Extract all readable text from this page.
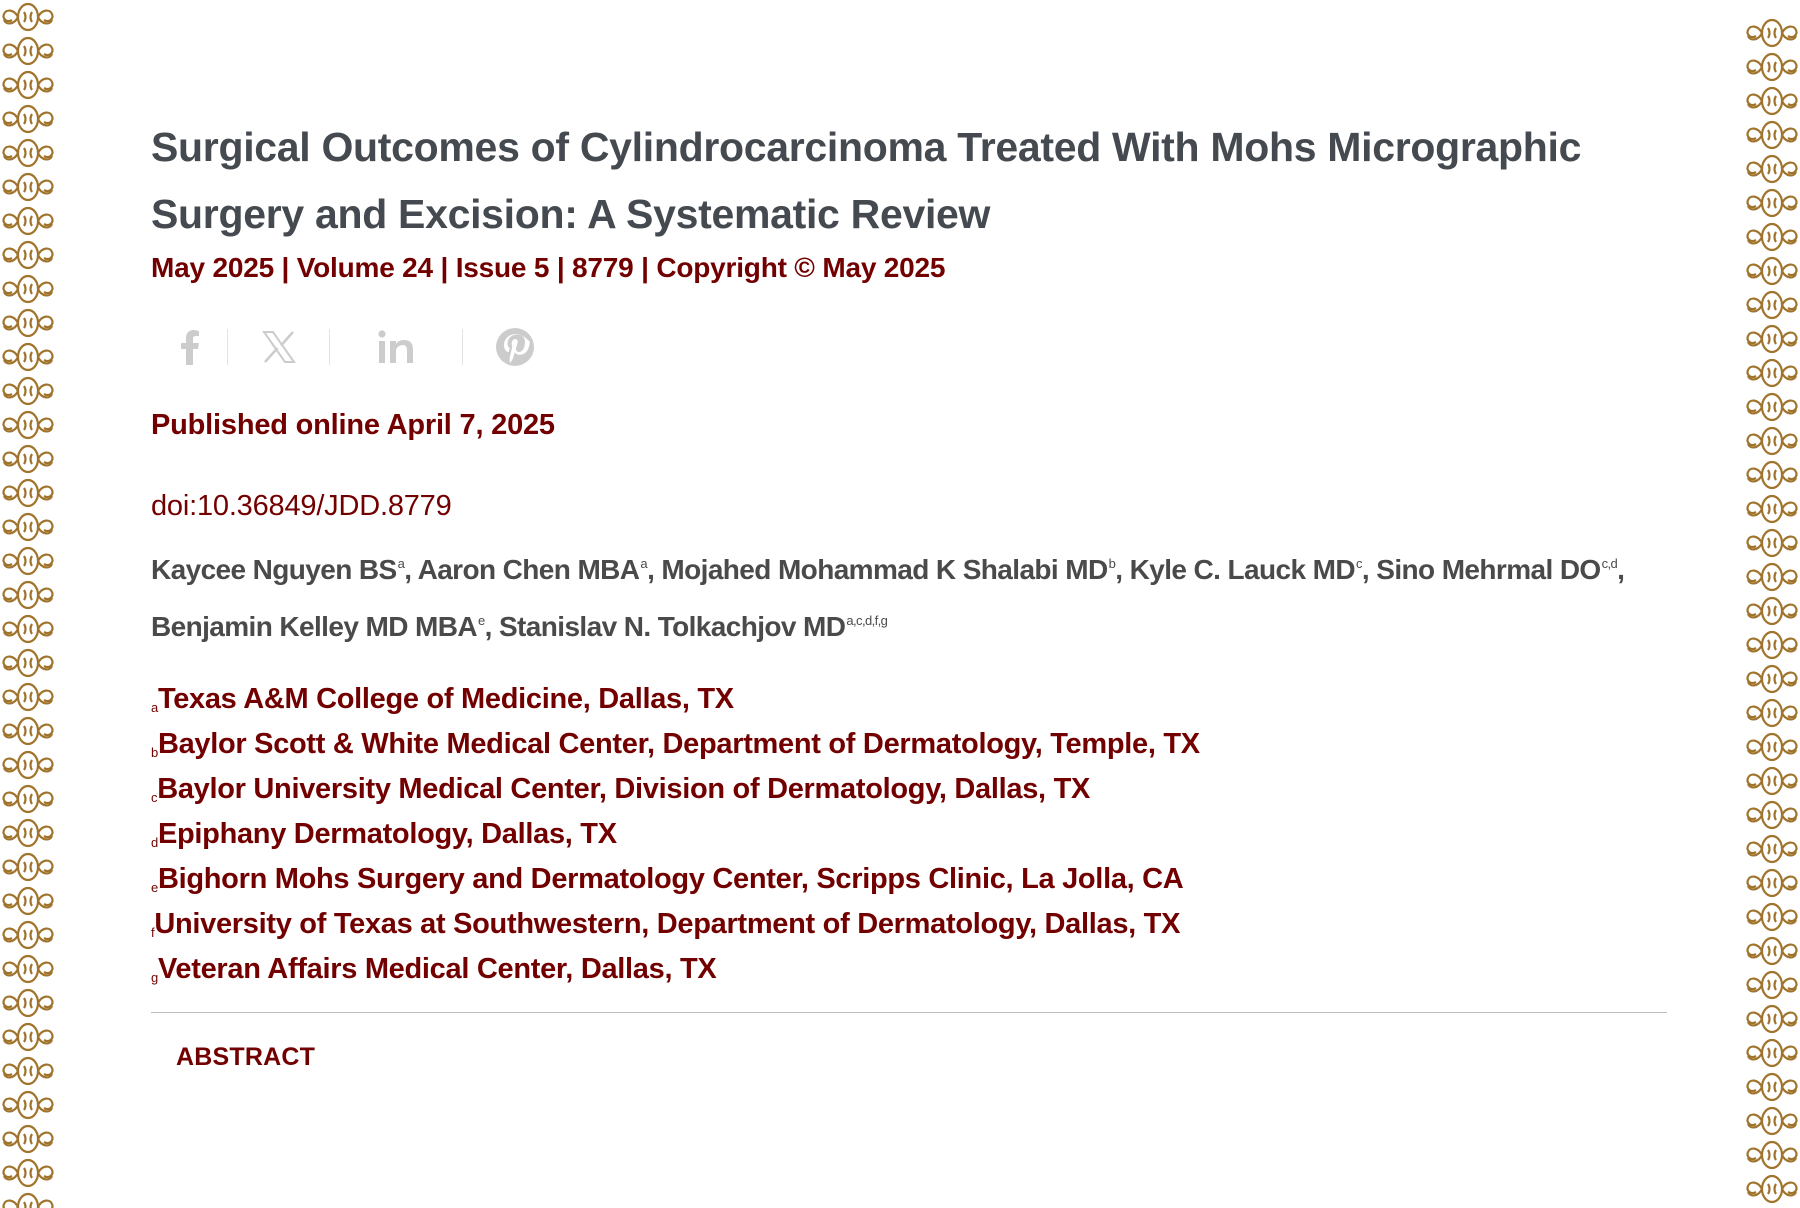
Surgical Outcomes of Cylindrocarcinoma Treated With Mohs Micrographic Surgery and Excision: A Systematic Review
May 2025 | Volume 24 | Issue 5 | 8779 | Copyright © May 2025
Published online April 7, 2025
doi:10.36849/JDD.8779
Kaycee Nguyen $BS^a$, Aaron Chen MBA$^a$, Mojahed Mohammad K Shalabi $MD^b$, Kyle C. Lauck $MD^c$, Sino Mehrmal DO$^{c,d}$, Benjamin Kelley MD MBA$^e$, Stanislav N. Tolkachjov MD$^{a,c,d,f,g}$
$^a$Texas A&M College of Medicine, Dallas, TX
$^b$Baylor Scott & White Medical Center, Department of Dermatology, Temple, TX
$^c$Baylor University Medical Center, Division of Dermatology, Dallas, TX
$^d$Epiphany Dermatology, Dallas, TX
$^e$Bighorn Mohs Surgery and Dermatology Center, Scripps Clinic, La Jolla, CA
$^f$University of Texas at Southwestern, Department of Dermatology, Dallas, TX
$^g$Veteran Affairs Medical Center, Dallas, TX
ABSTRACT
